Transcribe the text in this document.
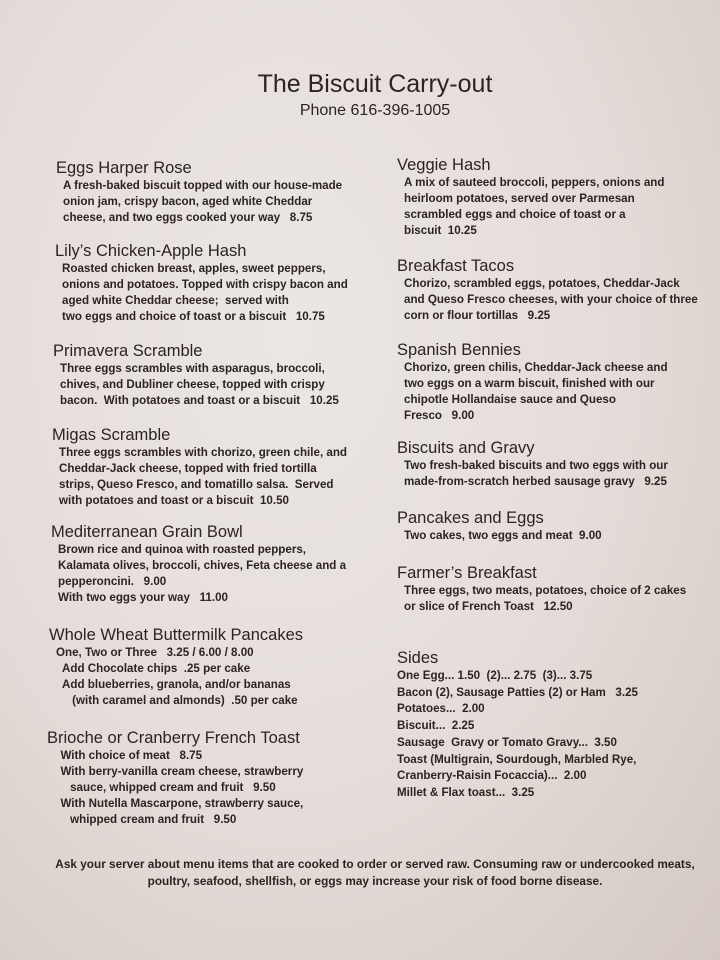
The Biscuit Carry-out
Phone 616-396-1005
Eggs Harper Rose
A fresh-baked biscuit topped with our house-made
onion jam, crispy bacon, aged white Cheddar
cheese, and two eggs cooked your way   8.75
Lily’s Chicken-Apple Hash
Roasted chicken breast, apples, sweet peppers,
onions and potatoes. Topped with crispy bacon and
aged white Cheddar cheese;  served with
two eggs and choice of toast or a biscuit   10.75
Primavera Scramble
Three eggs scrambles with asparagus, broccoli,
chives, and Dubliner cheese, topped with crispy
bacon.  With potatoes and toast or a biscuit   10.25
Migas Scramble
Three eggs scrambles with chorizo, green chile, and
Cheddar-Jack cheese, topped with fried tortilla
strips, Queso Fresco, and tomatillo salsa.  Served
with potatoes and toast or a biscuit  10.50
Mediterranean Grain Bowl
Brown rice and quinoa with roasted peppers,
Kalamata olives, broccoli, chives, Feta cheese and a
pepperoncini.   9.00
With two eggs your way   11.00
Whole Wheat Buttermilk Pancakes
One, Two or Three   3.25 / 6.00 / 8.00
Add Chocolate chips  .25 per cake
Add blueberries, granola, and/or bananas
(with caramel and almonds)  .50 per cake
Brioche or Cranberry French Toast
With choice of meat   8.75
With berry-vanilla cream cheese, strawberry
sauce, whipped cream and fruit   9.50
With Nutella Mascarpone, strawberry sauce,
whipped cream and fruit   9.50
Veggie Hash
A mix of sauteed broccoli, peppers, onions and
heirloom potatoes, served over Parmesan
scrambled eggs and choice of toast or a
biscuit  10.25
Breakfast Tacos
Chorizo, scrambled eggs, potatoes, Cheddar-Jack
and Queso Fresco cheeses, with your choice of three
corn or flour tortillas   9.25
Spanish Bennies
Chorizo, green chilis, Cheddar-Jack cheese and
two eggs on a warm biscuit, finished with our
chipotle Hollandaise sauce and Queso
Fresco   9.00
Biscuits and Gravy
Two fresh-baked biscuits and two eggs with our
made-from-scratch herbed sausage gravy   9.25
Pancakes and Eggs
Two cakes, two eggs and meat  9.00
Farmer’s Breakfast
Three eggs, two meats, potatoes, choice of 2 cakes
or slice of French Toast   12.50
Sides
One Egg... 1.50  (2)... 2.75  (3)... 3.75
Bacon (2), Sausage Patties (2) or Ham   3.25
Potatoes...  2.00
Biscuit...  2.25
Sausage  Gravy or Tomato Gravy...  3.50
Toast (Multigrain, Sourdough, Marbled Rye,
Cranberry-Raisin Focaccia)...  2.00
Millet & Flax toast...  3.25
Ask your server about menu items that are cooked to order or served raw. Consuming raw or undercooked meats,
poultry, seafood, shellfish, or eggs may increase your risk of food borne disease.
